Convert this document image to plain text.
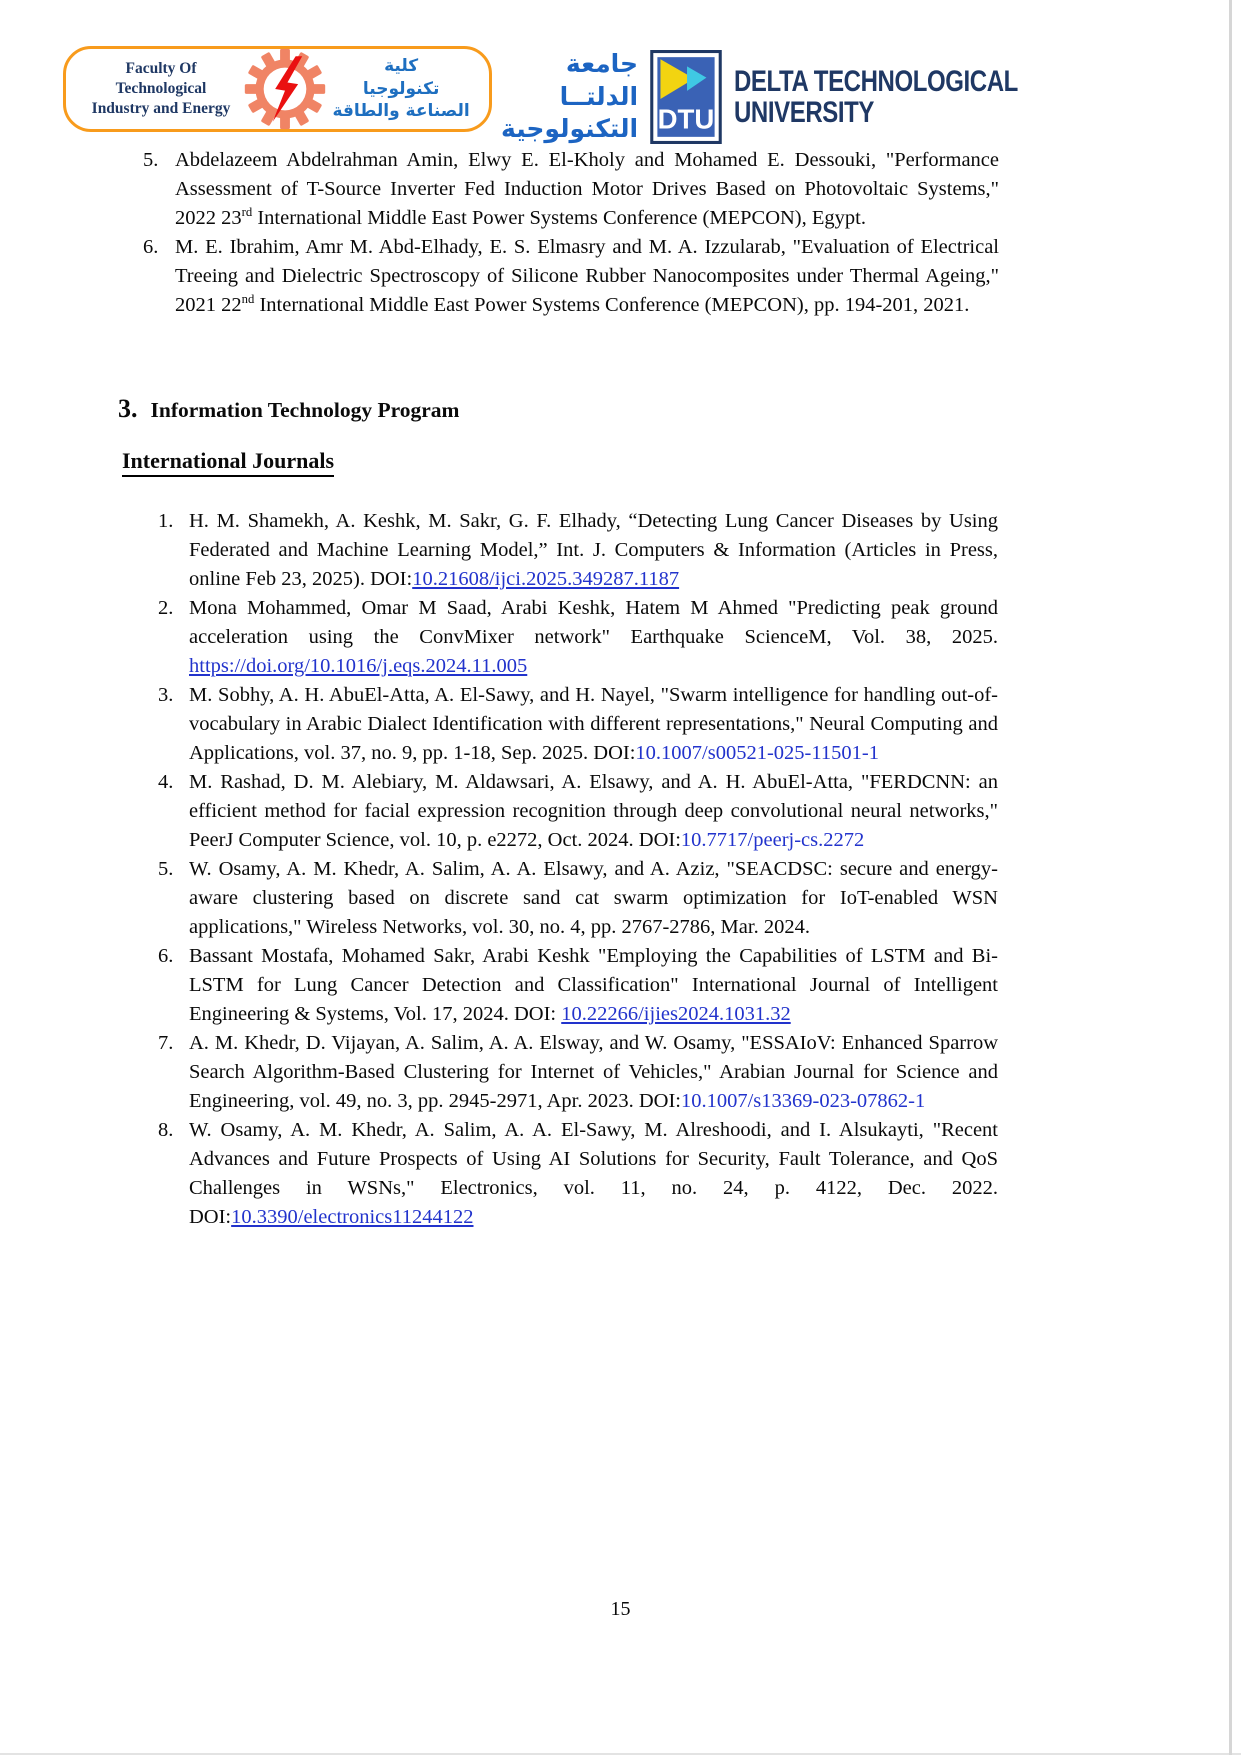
Faculty Of
Technological
Industry and Energy
كلية
تكنولوجيا
الصناعة والطاقة
جامعة الدلتــا
التكنولوجية DTU
DELTA TECHNOLOGICAL
UNIVERSITY
5. Abdelazeem Abdelrahman Amin, Elwy E. El-Kholy and Mohamed E. Dessouki, "Performance Assessment of T-Source Inverter Fed Induction Motor Drives Based on Photovoltaic Systems," 2022 23rd International Middle East Power Systems Conference (MEPCON), Egypt.
6. M. E. Ibrahim, Amr M. Abd-Elhady, E. S. Elmasry and M. A. Izzularab, "Evaluation of Electrical Treeing and Dielectric Spectroscopy of Silicone Rubber Nanocomposites under Thermal Ageing," 2021 22nd International Middle East Power Systems Conference (MEPCON), pp. 194-201, 2021.
3. Information Technology Program
International Journals
1. H. M. Shamekh, A. Keshk, M. Sakr, G. F. Elhady, “Detecting Lung Cancer Diseases by Using Federated and Machine Learning Model,” Int. J. Computers & Information (Articles in Press, online Feb 23, 2025). DOI:10.21608/ijci.2025.349287.1187
2. Mona Mohammed, Omar M Saad, Arabi Keshk, Hatem M Ahmed "Predicting peak ground acceleration using the ConvMixer network" Earthquake ScienceM, Vol. 38, 2025. https://doi.org/10.1016/j.eqs.2024.11.005
3. M. Sobhy, A. H. AbuEl-Atta, A. El-Sawy, and H. Nayel, "Swarm intelligence for handling out-of-vocabulary in Arabic Dialect Identification with different representations," Neural Computing and Applications, vol. 37, no. 9, pp. 1-18, Sep. 2025. DOI:10.1007/s00521-025-11501-1
4. M. Rashad, D. M. Alebiary, M. Aldawsari, A. Elsawy, and A. H. AbuEl-Atta, "FERDCNN: an efficient method for facial expression recognition through deep convolutional neural networks," PeerJ Computer Science, vol. 10, p. e2272, Oct. 2024. DOI:10.7717/peerj-cs.2272
5. W. Osamy, A. M. Khedr, A. Salim, A. A. Elsawy, and A. Aziz, "SEACDSC: secure and energy-aware clustering based on discrete sand cat swarm optimization for IoT-enabled WSN applications," Wireless Networks, vol. 30, no. 4, pp. 2767-2786, Mar. 2024.
6. Bassant Mostafa, Mohamed Sakr, Arabi Keshk "Employing the Capabilities of LSTM and Bi-LSTM for Lung Cancer Detection and Classification" International Journal of Intelligent Engineering & Systems, Vol. 17, 2024. DOI: 10.22266/ijies2024.1031.32
7. A. M. Khedr, D. Vijayan, A. Salim, A. A. Elsway, and W. Osamy, "ESSAIoV: Enhanced Sparrow Search Algorithm-Based Clustering for Internet of Vehicles," Arabian Journal for Science and Engineering, vol. 49, no. 3, pp. 2945-2971, Apr. 2023. DOI:10.1007/s13369-023-07862-1
8. W. Osamy, A. M. Khedr, A. Salim, A. A. El-Sawy, M. Alreshoodi, and I. Alsukayti, "Recent Advances and Future Prospects of Using AI Solutions for Security, Fault Tolerance, and QoS Challenges in WSNs," Electronics, vol. 11, no. 24, p. 4122, Dec. 2022. DOI:10.3390/electronics11244122
15
